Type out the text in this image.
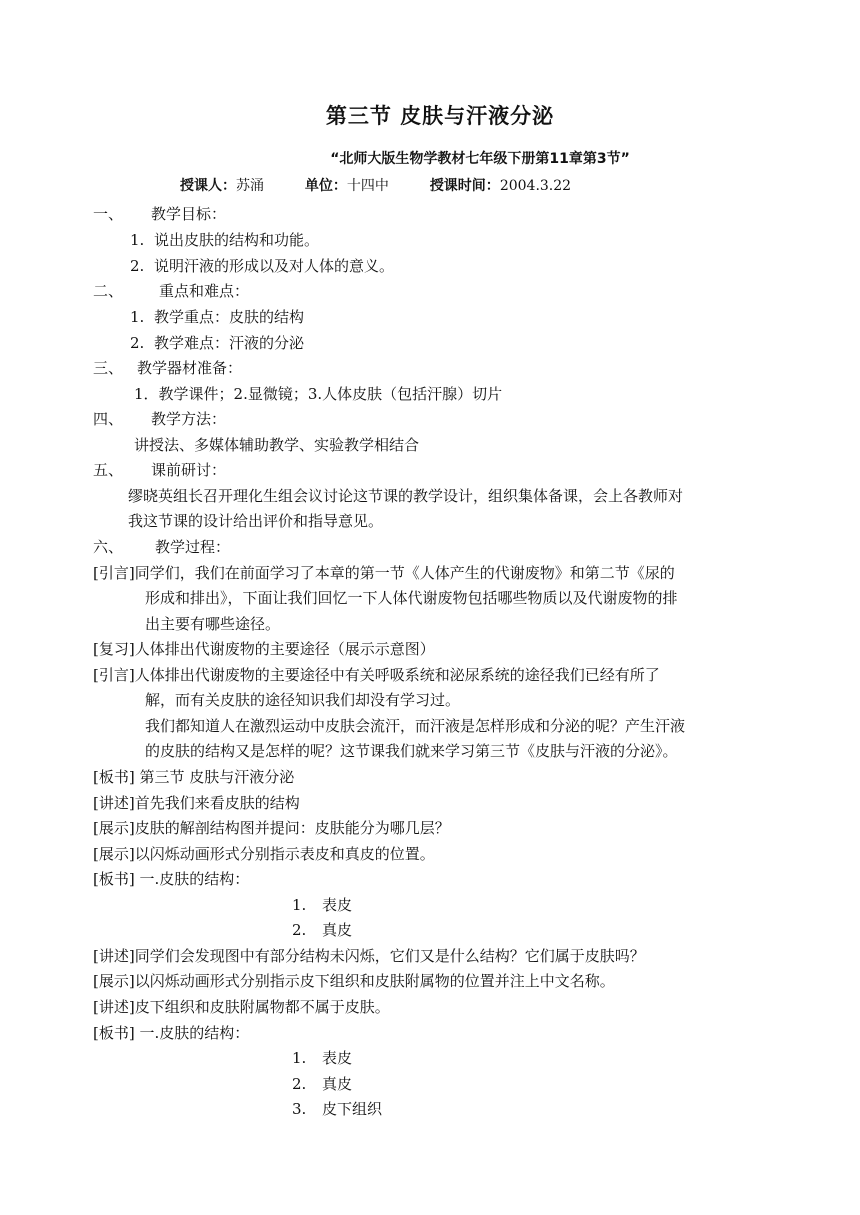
第三节 皮肤与汗液分泌
“北师大版生物学教材七年级下册第11章第3节”
授课人：苏涌	单位：十四中	授课时间：2004.3.22
一、 教学目标：
1. 说出皮肤的结构和功能。
2. 说明汗液的形成以及对人体的意义。
二、 重点和难点：
1. 教学重点：皮肤的结构
2. 教学难点：汗液的分泌
三、 教学器材准备：
1．教学课件；2.显微镜；3.人体皮肤（包括汗腺）切片
四、 教学方法：
讲授法、多媒体辅助教学、实验教学相结合
五、 课前研讨：
缪晓英组长召开理化生组会议讨论这节课的教学设计，组织集体备课，会上各教师对
我这节课的设计给出评价和指导意见。
六、 教学过程：
[引言]同学们，我们在前面学习了本章的第一节《人体产生的代谢废物》和第二节《尿的
形成和排出》，下面让我们回忆一下人体代谢废物包括哪些物质以及代谢废物的排
出主要有哪些途径。
[复习]人体排出代谢废物的主要途径（展示示意图）
[引言]人体排出代谢废物的主要途径中有关呼吸系统和泌尿系统的途径我们已经有所了
解，而有关皮肤的途径知识我们却没有学习过。
我们都知道人在激烈运动中皮肤会流汗，而汗液是怎样形成和分泌的呢？产生汗液
的皮肤的结构又是怎样的呢？这节课我们就来学习第三节《皮肤与汗液的分泌》。
[板书] 第三节 皮肤与汗液分泌
[讲述]首先我们来看皮肤的结构
[展示]皮肤的解剖结构图并提问：皮肤能分为哪几层？
[展示]以闪烁动画形式分别指示表皮和真皮的位置。
[板书] 一.皮肤的结构：
1. 表皮
2. 真皮
[讲述]同学们会发现图中有部分结构未闪烁，它们又是什么结构？它们属于皮肤吗？
[展示]以闪烁动画形式分别指示皮下组织和皮肤附属物的位置并注上中文名称。
[讲述]皮下组织和皮肤附属物都不属于皮肤。
[板书] 一.皮肤的结构：
1. 表皮
2. 真皮
3. 皮下组织
